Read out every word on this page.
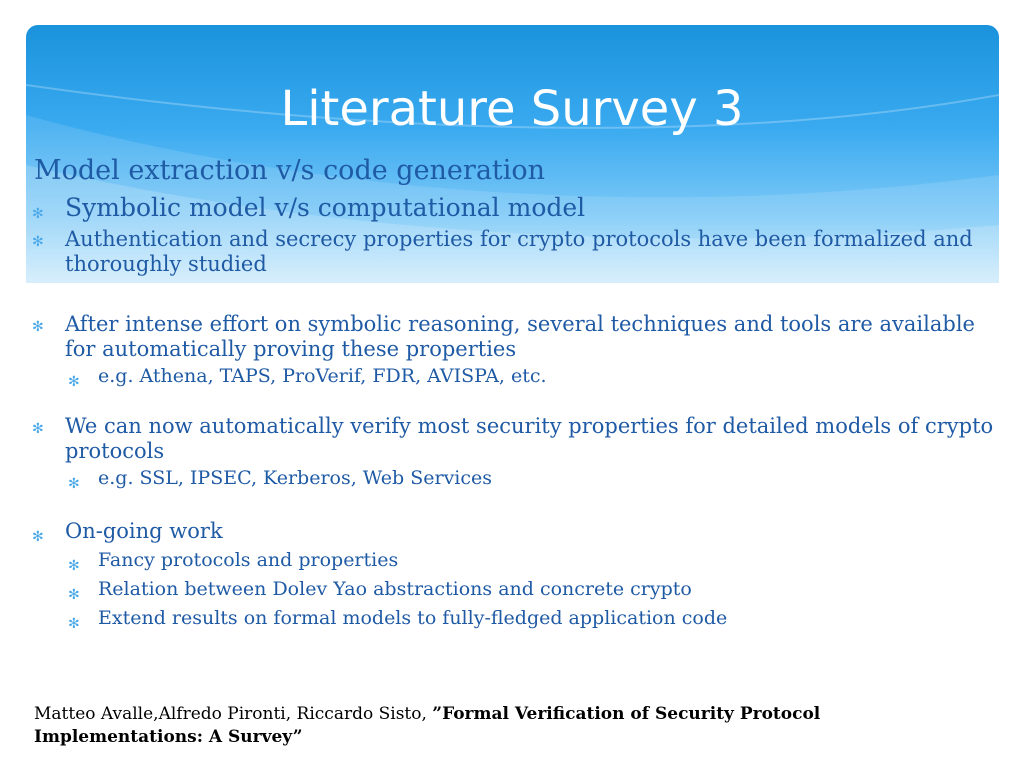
Literature Survey 3
Model extraction v/s code generation
✻ Symbolic model v/s computational model
✻ Authentication and secrecy properties for crypto protocols have been formalized and thoroughly studied
✻ After intense effort on symbolic reasoning, several techniques and tools are available for automatically proving these properties
✻ e.g. Athena, TAPS, ProVerif, FDR, AVISPA, etc.
✻ We can now automatically verify most security properties for detailed models of crypto protocols
✻ e.g. SSL, IPSEC, Kerberos, Web Services
✻ On-going work
✻ Fancy protocols and properties
✻ Relation between Dolev Yao abstractions and concrete crypto
✻ Extend results on formal models to fully-fledged application code
Matteo Avalle,Alfredo Pironti, Riccardo Sisto, ”Formal Verification of Security Protocol Implementations: A Survey”
